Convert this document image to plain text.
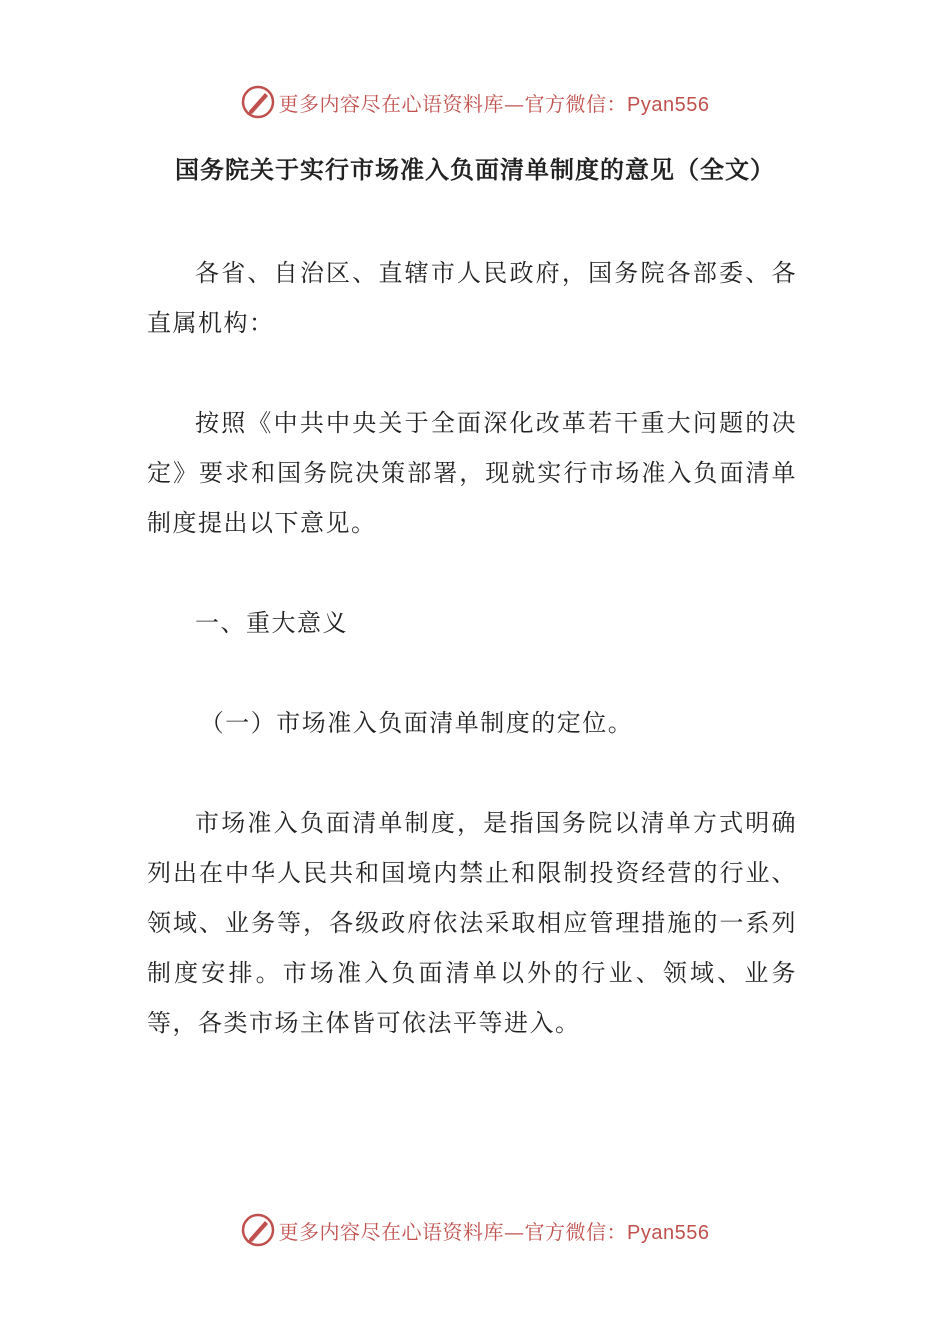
更多内容尽在心语资料库—官方微信：Pyan556
国务院关于实行市场准入负面清单制度的意见（全文）

各省、自治区、直辖市人民政府，国务院各部委、各直属机构：

按照《中共中央关于全面深化改革若干重大问题的决定》要求和国务院决策部署，现就实行市场准入负面清单制度提出以下意见。

一、重大意义

（一）市场准入负面清单制度的定位。

市场准入负面清单制度，是指国务院以清单方式明确列出在中华人民共和国境内禁止和限制投资经营的行业、领域、业务等，各级政府依法采取相应管理措施的一系列制度安排。市场准入负面清单以外的行业、领域、业务等，各类市场主体皆可依法平等进入。

更多内容尽在心语资料库—官方微信：Pyan556
